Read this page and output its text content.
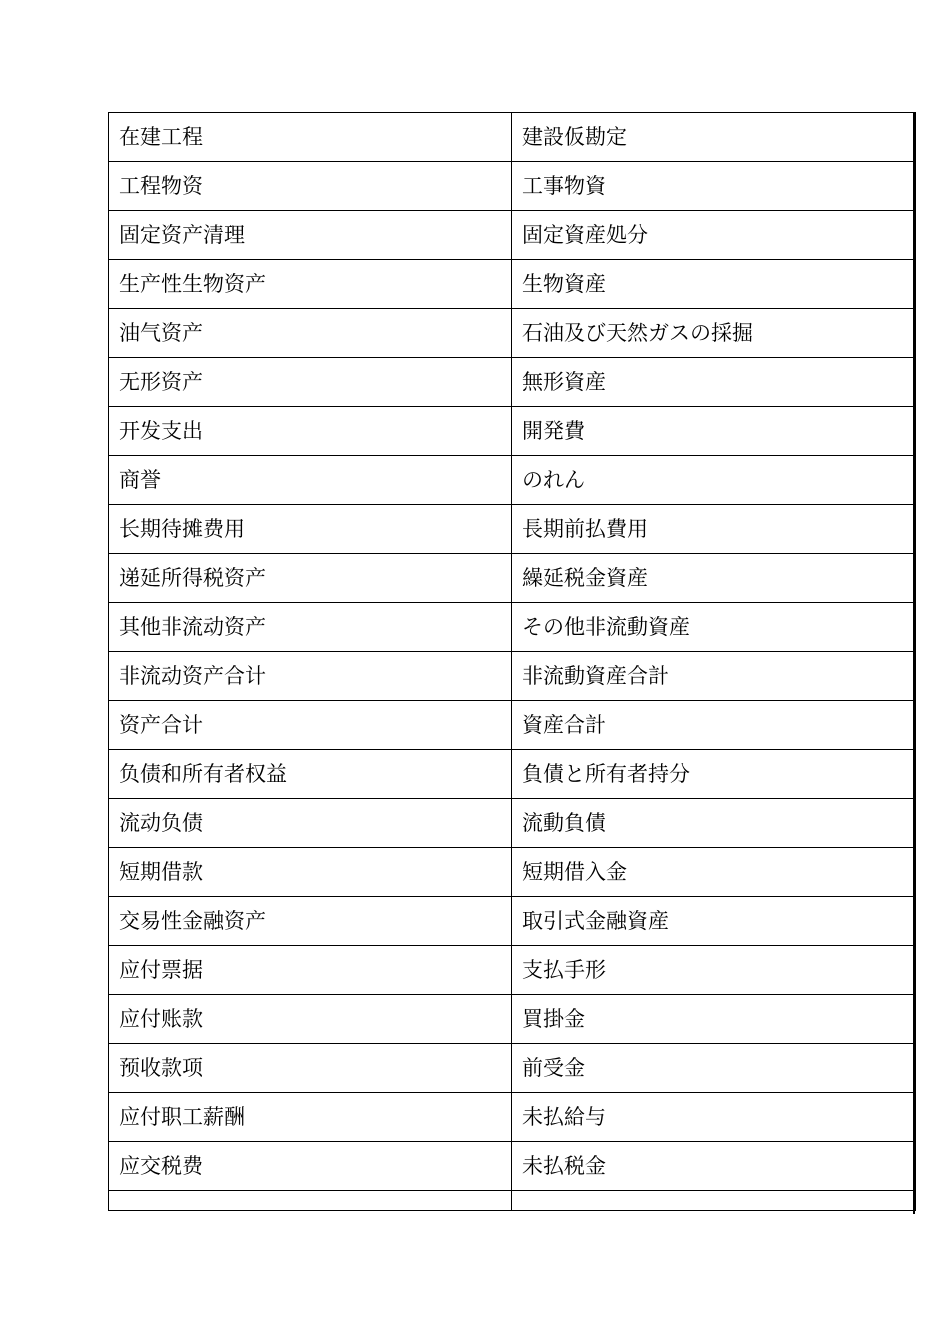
在建工程	建設仮勘定
工程物资	工事物資
固定资产清理	固定資産処分
生产性生物资产	生物資産
油气资产	石油及び天然ガスの採掘
无形资产	無形資産
开发支出	開発費
商誉	のれん
长期待摊费用	長期前払費用
递延所得税资产	繰延税金資産
其他非流动资产	その他非流動資産
非流动资产合计	非流動資産合計
资产合计	資産合計
负债和所有者权益	負債と所有者持分
流动负债	流動負債
短期借款	短期借入金
交易性金融资产	取引式金融資産
应付票据	支払手形
应付账款	買掛金
预收款项	前受金
应付职工薪酬	未払給与
应交税费	未払税金
